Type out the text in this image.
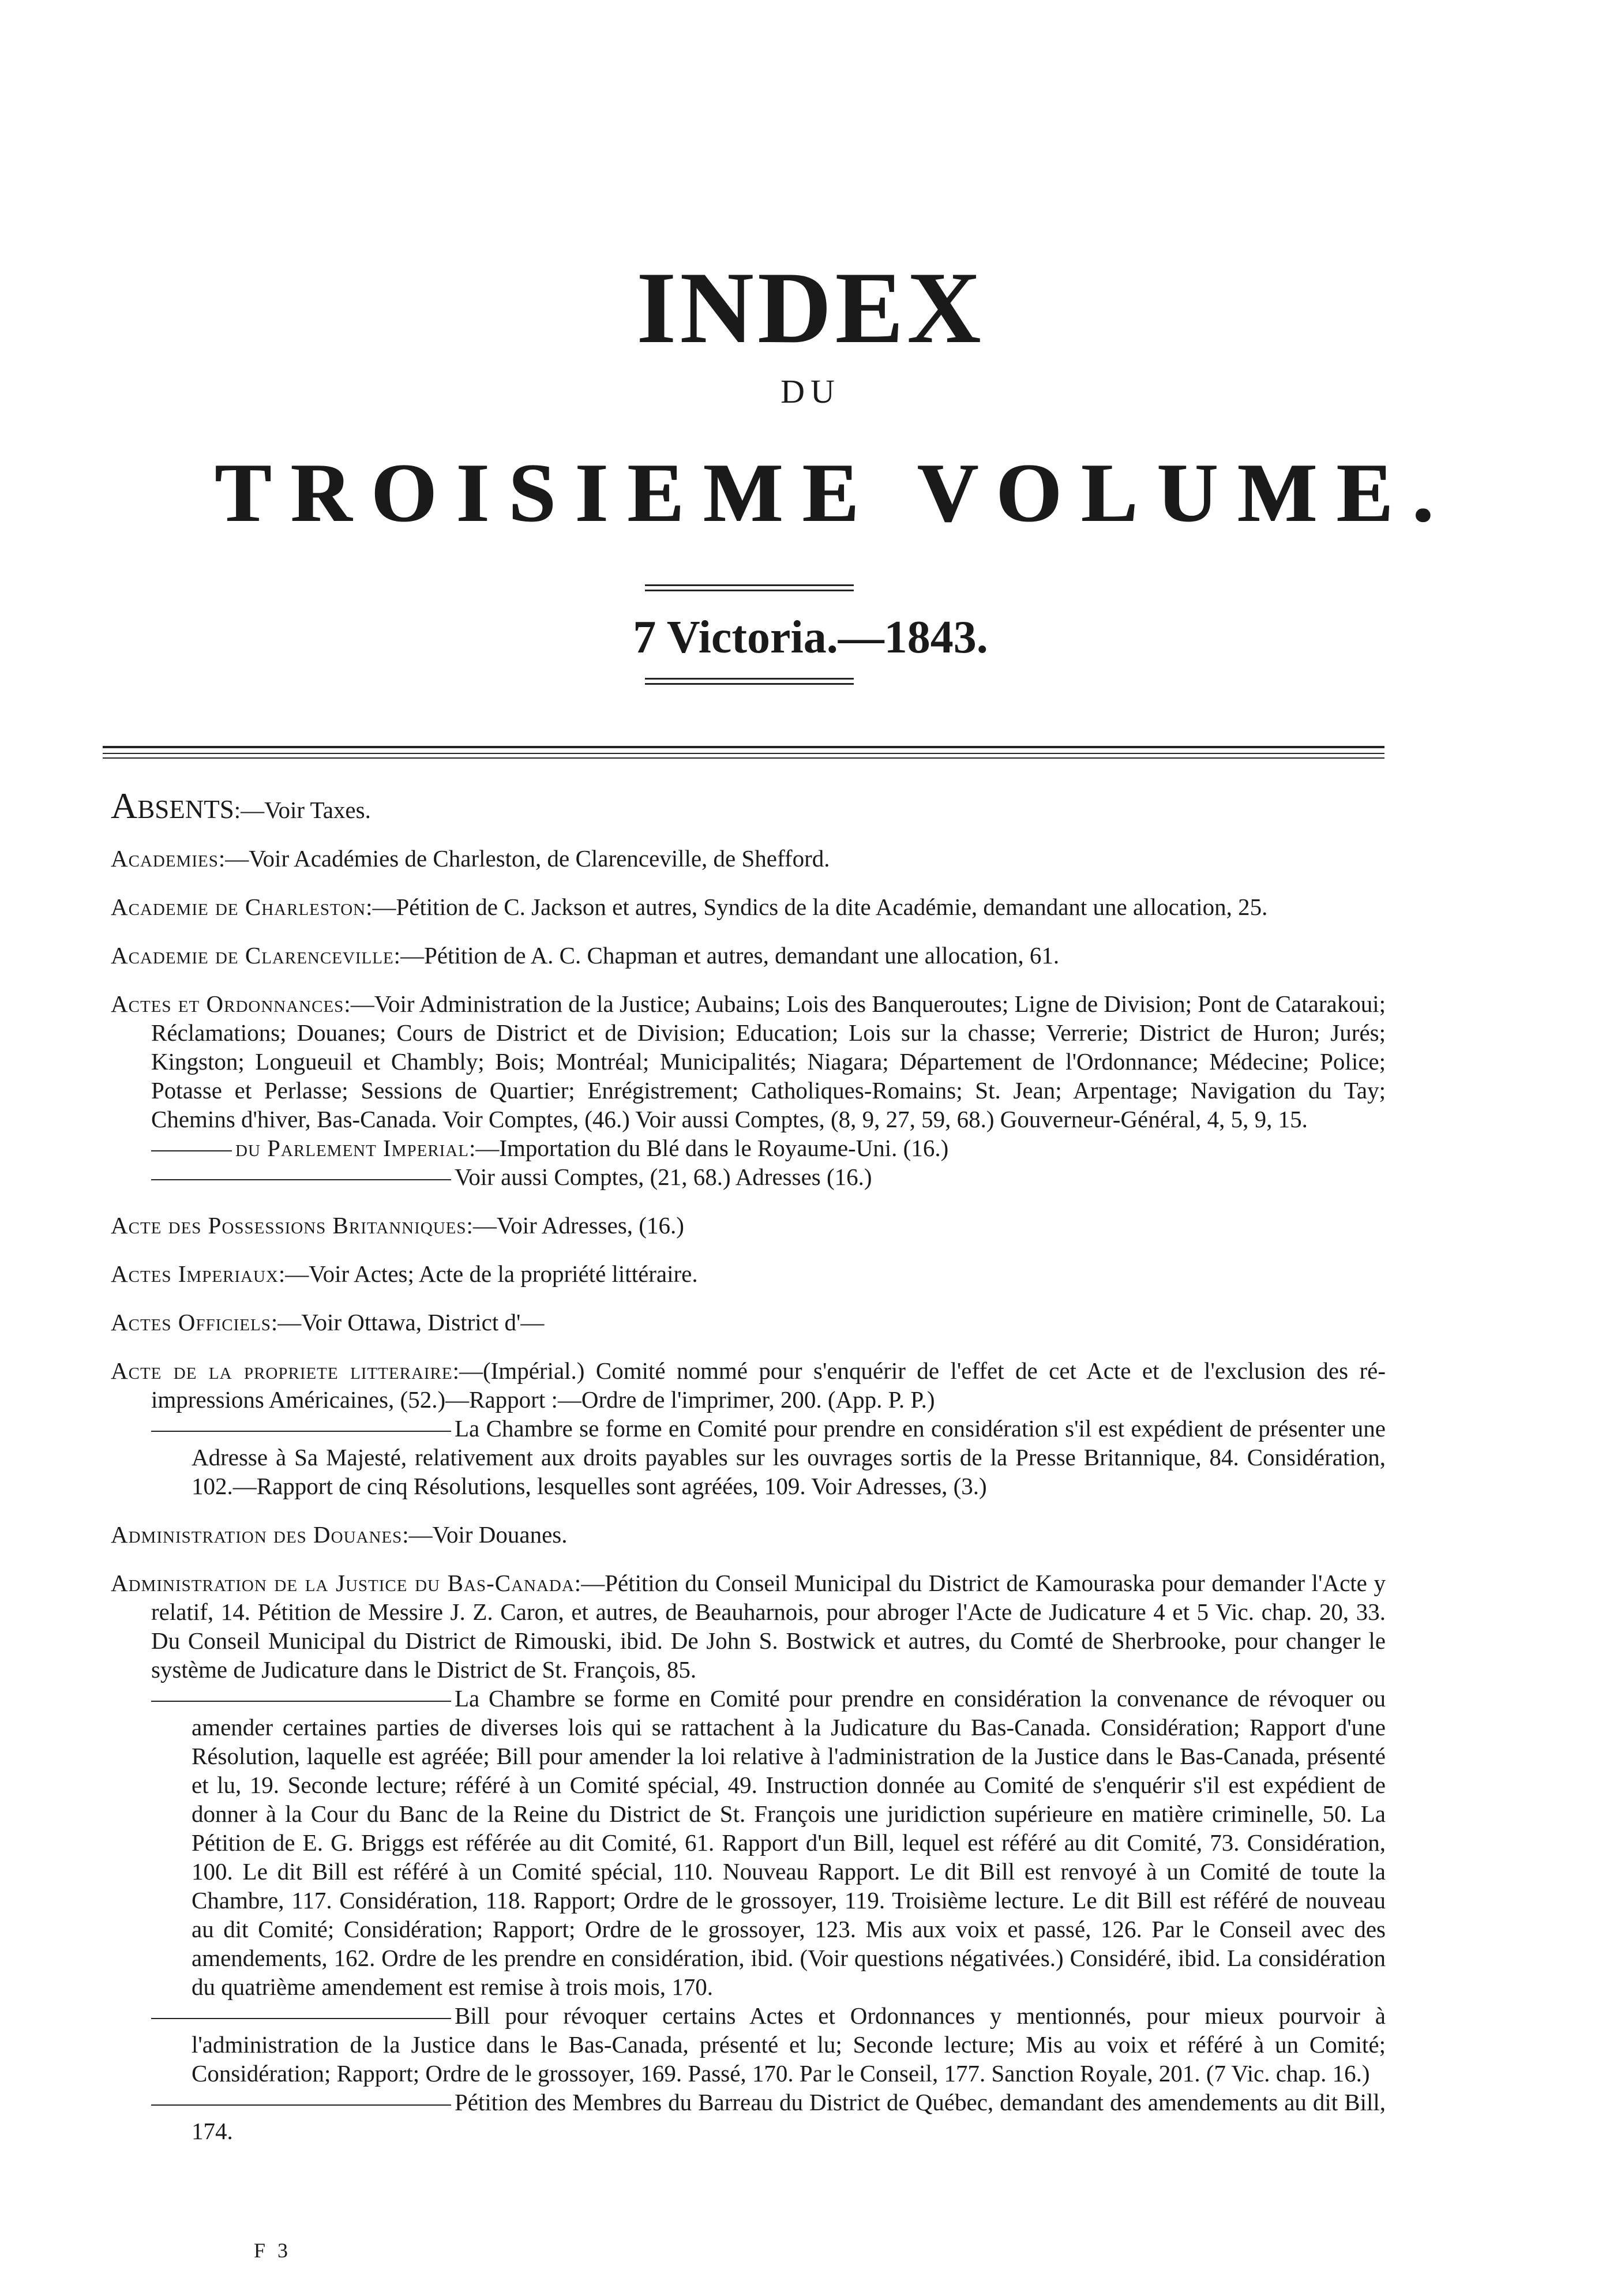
INDEX
DU
TROISIEME VOLUME.
7 Victoria.—1843.
Absents:—Voir Taxes.
Academies:—Voir Académies de Charleston, de Clarenceville, de Shefford.
Academie de Charleston:—Pétition de C. Jackson et autres, Syndics de la dite Académie, demandant une allocation, 25.
Academie de Clarenceville:—Pétition de A. C. Chapman et autres, demandant une allocation, 61.
Actes et Ordonnances:—Voir Administration de la Justice; Aubains; Lois des Banqueroutes; Ligne de Division; Pont de Catarakoui; Réclamations; Douanes; Cours de District et de Division; Education; Lois sur la chasse; Verrerie; District de Huron; Jurés; Kingston; Longueuil et Chambly; Bois; Montréal; Municipalités; Niagara; Département de l'Ordonnance; Médecine; Police; Potasse et Perlasse; Sessions de Quartier; Enrégistrement; Catholiques-Romains; St. Jean; Arpentage; Navigation du Tay; Chemins d'hiver, Bas-Canada. Voir Comptes, (46.) Voir aussi Comptes, (8, 9, 27, 59, 68.) Gouverneur-Général, 4, 5, 9, 15.
du Parlement Imperial:—Importation du Blé dans le Royaume-Uni. (16.)
Voir aussi Comptes, (21, 68.) Adresses (16.)
Acte des Possessions Britanniques:—Voir Adresses, (16.)
Actes Imperiaux:—Voir Actes; Acte de la propriété littéraire.
Actes Officiels:—Voir Ottawa, District d'—
Acte de la propriete litteraire:—(Impérial.) Comité nommé pour s'enquérir de l'effet de cet Acte et de l'exclusion des ré-impressions Américaines, (52.)—Rapport :—Ordre de l'imprimer, 200. (App. P. P.)
La Chambre se forme en Comité pour prendre en considération s'il est expédient de présenter une Adresse à Sa Majesté, relativement aux droits payables sur les ouvrages sortis de la Presse Britannique, 84. Considération, 102.—Rapport de cinq Résolutions, lesquelles sont agréées, 109. Voir Adresses, (3.)
Administration des Douanes:—Voir Douanes.
Administration de la Justice du Bas-Canada:—Pétition du Conseil Municipal du District de Kamouraska pour demander l'Acte y relatif, 14. Pétition de Messire J. Z. Caron, et autres, de Beauharnois, pour abroger l'Acte de Judicature 4 et 5 Vic. chap. 20, 33. Du Conseil Municipal du District de Rimouski, ibid. De John S. Bostwick et autres, du Comté de Sherbrooke, pour changer le système de Judicature dans le District de St. François, 85.
La Chambre se forme en Comité pour prendre en considération la convenance de révoquer ou amender certaines parties de diverses lois qui se rattachent à la Judicature du Bas-Canada. Considération; Rapport d'une Résolution, laquelle est agréée; Bill pour amender la loi relative à l'administration de la Justice dans le Bas-Canada, présenté et lu, 19. Seconde lecture; référé à un Comité spécial, 49. Instruction donnée au Comité de s'enquérir s'il est expédient de donner à la Cour du Banc de la Reine du District de St. François une juridiction supérieure en matière criminelle, 50. La Pétition de E. G. Briggs est référée au dit Comité, 61. Rapport d'un Bill, lequel est référé au dit Comité, 73. Considération, 100. Le dit Bill est référé à un Comité spécial, 110. Nouveau Rapport. Le dit Bill est renvoyé à un Comité de toute la Chambre, 117. Considération, 118. Rapport; Ordre de le grossoyer, 119. Troisième lecture. Le dit Bill est référé de nouveau au dit Comité; Considération; Rapport; Ordre de le grossoyer, 123. Mis aux voix et passé, 126. Par le Conseil avec des amendements, 162. Ordre de les prendre en considération, ibid. (Voir questions négativées.) Considéré, ibid. La considération du quatrième amendement est remise à trois mois, 170.
Bill pour révoquer certains Actes et Ordonnances y mentionnés, pour mieux pourvoir à l'administration de la Justice dans le Bas-Canada, présenté et lu; Seconde lecture; Mis au voix et référé à un Comité; Considération; Rapport; Ordre de le grossoyer, 169. Passé, 170. Par le Conseil, 177. Sanction Royale, 201. (7 Vic. chap. 16.)
Pétition des Membres du Barreau du District de Québec, demandant des amendements au dit Bill, 174.
F 3
